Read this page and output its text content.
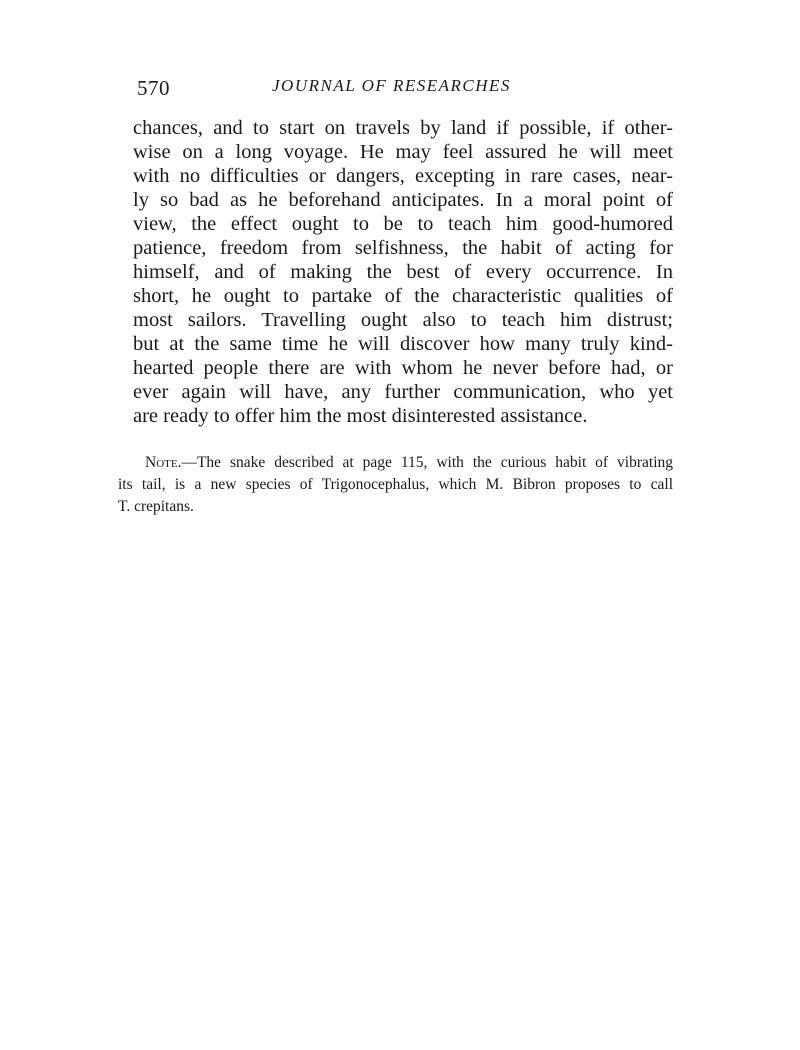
570	JOURNAL OF RESEARCHES
chances, and to start on travels by land if possible, if other-
wise on a long voyage. He may feel assured he will meet
with no difficulties or dangers, excepting in rare cases, near-
ly so bad as he beforehand anticipates. In a moral point of
view, the effect ought to be to teach him good-humored
patience, freedom from selfishness, the habit of acting for
himself, and of making the best of every occurrence. In
short, he ought to partake of the characteristic qualities of
most sailors. Travelling ought also to teach him distrust;
but at the same time he will discover how many truly kind-
hearted people there are with whom he never before had, or
ever again will have, any further communication, who yet
are ready to offer him the most disinterested assistance.
Note.—The snake described at page 115, with the curious habit of vibrating
its tail, is a new species of Trigonocephalus, which M. Bibron proposes to call
T. crepitans.
